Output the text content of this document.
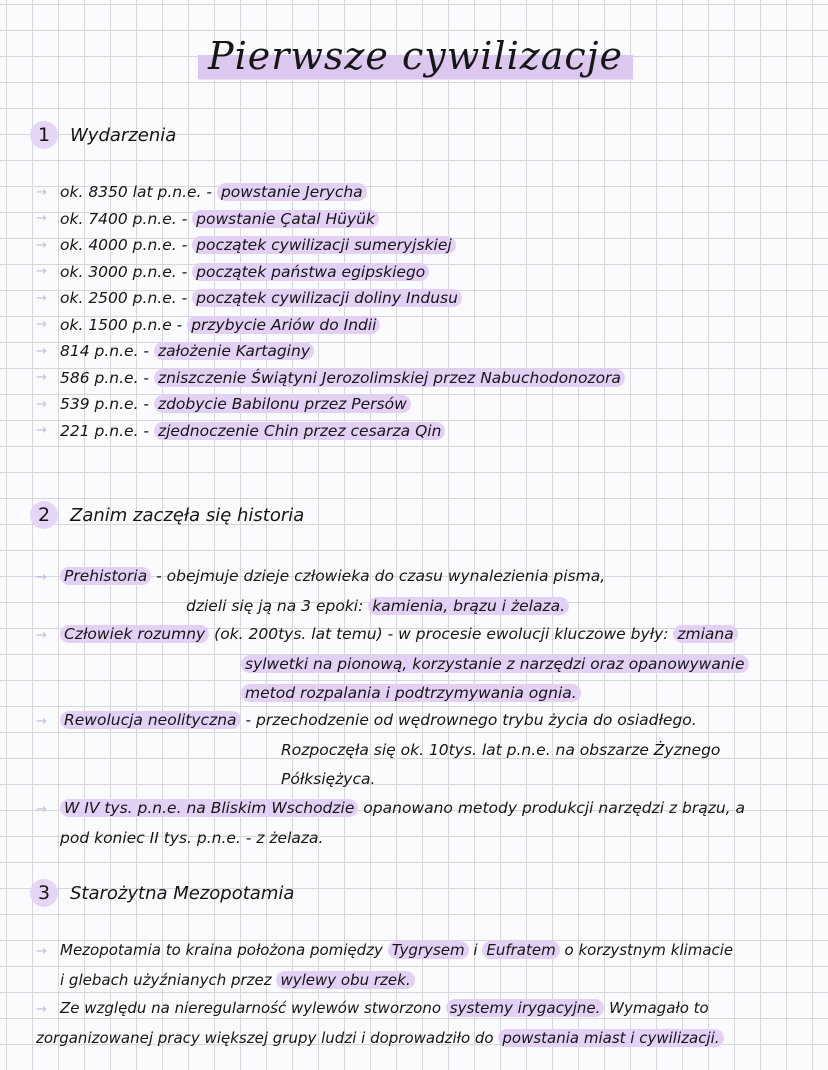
Pierwsze cywilizacje
1	Wydarzenia
→ ok. 8350 lat p.n.e. - powstanie Jerycha
→ ok. 7400 p.n.e. - powstanie Çatal Hüyük
→ ok. 4000 p.n.e. - początek cywilizacji sumeryjskiej
→ ok. 3000 p.n.e. - początek państwa egipskiego
→ ok. 2500 p.n.e. - początek cywilizacji doliny Indusu
→ ok. 1500 p.n.e - przybycie Ariów do Indii
→ 814 p.n.e. - założenie Kartaginy
→ 586 p.n.e. - zniszczenie Świątyni Jerozolimskiej przez Nabuchodonozora
→ 539 p.n.e. - zdobycie Babilonu przez Persów
→ 221 p.n.e. - zjednoczenie Chin przez cesarza Qin
2	Zanim zaczęła się historia
→ Prehistoria - obejmuje dzieje człowieka do czasu wynalezienia pisma,
dzieli się ją na 3 epoki: kamienia, brązu i żelaza.
→ Człowiek rozumny (ok. 200tys. lat temu) - w procesie ewolucji kluczowe były: zmiana
sylwetki na pionową, korzystanie z narzędzi oraz opanowywanie
metod rozpalania i podtrzymywania ognia.
→ Rewolucja neolityczna - przechodzenie od wędrownego trybu życia do osiadłego.
Rozpoczęła się ok. 10tys. lat p.n.e. na obszarze Żyznego
Półksiężyca.
→ W IV tys. p.n.e. na Bliskim Wschodzie opanowano metody produkcji narzędzi z brązu, a
pod koniec II tys. p.n.e. - z żelaza.
3	Starożytna Mezopotamia
→ Mezopotamia to kraina położona pomiędzy Tygrysem i Eufratem o korzystnym klimacie
i glebach użyźnianych przez wylewy obu rzek.
→ Ze względu na nieregularność wylewów stworzono systemy irygacyjne. Wymagało to
zorganizowanej pracy większej grupy ludzi i doprowadziło do powstania miast i cywilizacji.
